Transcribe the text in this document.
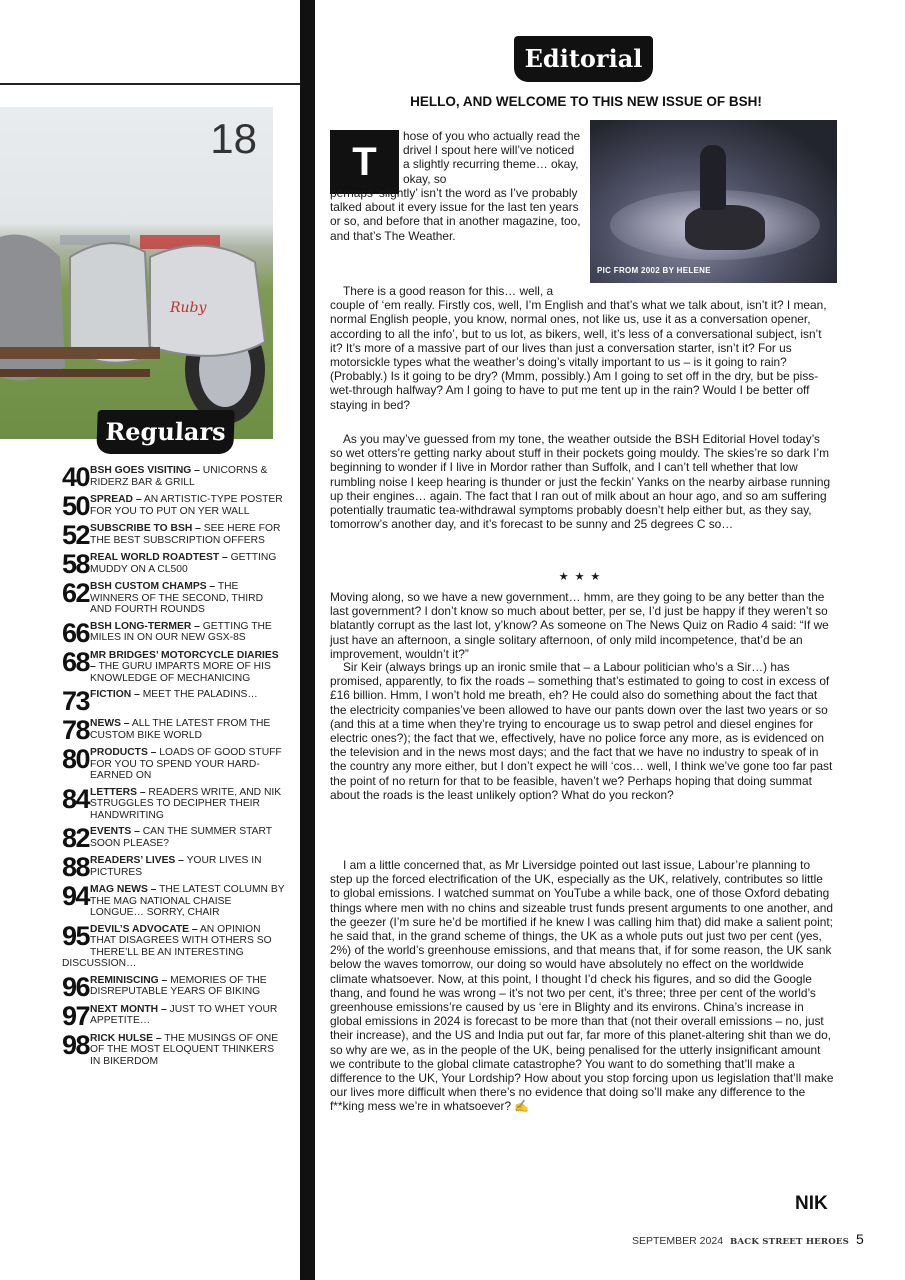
18
Ruby
Regulars
40 BSH GOES VISITING – UNICORNS & RIDERZ BAR & GRILL
50 SPREAD – AN ARTISTIC-TYPE POSTER FOR YOU TO PUT ON YER WALL
52 SUBSCRIBE TO BSH – SEE HERE FOR THE BEST SUBSCRIPTION OFFERS
58 REAL WORLD ROADTEST – GETTING MUDDY ON A CL500
62 BSH CUSTOM CHAMPS – THE WINNERS OF THE SECOND, THIRD AND FOURTH ROUNDS
66 BSH LONG-TERMER – GETTING THE MILES IN ON OUR NEW GSX-8S
68 MR BRIDGES’ MOTORCYCLE DIARIES – THE GURU IMPARTS MORE OF HIS KNOWLEDGE OF MECHANICING
73 FICTION – MEET THE PALADINS…
78 NEWS – ALL THE LATEST FROM THE CUSTOM BIKE WORLD
80 PRODUCTS – LOADS OF GOOD STUFF FOR YOU TO SPEND YOUR HARD-EARNED ON
84 LETTERS – READERS WRITE, AND NIK STRUGGLES TO DECIPHER THEIR HANDWRITING
82 EVENTS – CAN THE SUMMER START SOON PLEASE?
88 READERS’ LIVES – YOUR LIVES IN PICTURES
94 MAG NEWS – THE LATEST COLUMN BY THE MAG NATIONAL CHAISE LONGUE… SORRY, CHAIR
95 DEVIL’S ADVOCATE – AN OPINION THAT DISAGREES WITH OTHERS SO THERE’LL BE AN INTERESTING DISCUSSION…
96 REMINISCING – MEMORIES OF THE DISREPUTABLE YEARS OF BIKING
97 NEXT MONTH – JUST TO WHET YOUR APPETITE…
98 RICK HULSE – THE MUSINGS OF ONE OF THE MOST ELOQUENT THINKERS IN BIKERDOM
Editorial
HELLO, AND WELCOME TO THIS NEW ISSUE OF BSH!
T
PIC FROM 2002 BY HELENE
hose of you who actually read the drivel I spout here will’ve noticed a slightly recurring theme… okay, okay, so
perhaps ‘slightly’ isn’t the word as I’ve probably talked about it every issue for the last ten years or so, and before that in another magazine, too, and that’s The Weather.

There is a good reason for this… well, a

couple of ‘em really. Firstly cos, well, I’m English and that’s what we talk about, isn’t it? I mean, normal English people, you know, normal ones, not like us, use it as a conversation opener, according to all the info’, but to us lot, as bikers, well, it’s less of a conversational subject, isn’t it? It’s more of a massive part of our lives than just a conversation starter, isn’t it? For us motorsickle types what the weather’s doing’s vitally important to us – is it going to rain? (Probably.) Is it going to be dry? (Mmm, possibly.) Am I going to set off in the dry, but be piss-wet-through halfway? Am I going to have to put me tent up in the rain? Would I be better off staying in bed?

As you may’ve guessed from my tone, the weather outside the BSH Editorial Hovel today’s so wet otters’re getting narky about stuff in their pockets going mouldy. The skies’re so dark I’m beginning to wonder if I live in Mordor rather than Suffolk, and I can’t tell whether that low rumbling noise I keep hearing is thunder or just the feckin’ Yanks on the nearby airbase running up their engines… again. The fact that I ran out of milk about an hour ago, and so am suffering potentially traumatic tea-withdrawal symptoms probably doesn’t help either but, as they say, tomorrow’s another day, and it’s forecast to be sunny and 25 degrees C so…

★★★

Moving along, so we have a new government… hmm, are they going to be any better than the last government? I don’t know so much about better, per se, I’d just be happy if they weren’t so blatantly corrupt as the last lot, y’know? As someone on The News Quiz on Radio 4 said: “If we just have an afternoon, a single solitary afternoon, of only mild incompetence, that’d be an improvement, wouldn’t it?”

Sir Keir (always brings up an ironic smile that – a Labour politician who’s a Sir…) has promised, apparently, to fix the roads – something that’s estimated to going to cost in excess of £16 billion. Hmm, I won’t hold me breath, eh? He could also do something about the fact that the electricity companies’ve been allowed to have our pants down over the last two years or so (and this at a time when they’re trying to encourage us to swap petrol and diesel engines for electric ones?); the fact that we, effectively, have no police force any more, as is evidenced on the television and in the news most days; and the fact that we have no industry to speak of in the country any more either, but I don’t expect he will ‘cos… well, I think we’ve gone too far past the point of no return for that to be feasible, haven’t we? Perhaps hoping that doing summat about the roads is the least unlikely option? What do you reckon?

I am a little concerned that, as Mr Liversidge pointed out last issue, Labour’re planning to step up the forced electrification of the UK, especially as the UK, relatively, contributes so little to global emissions. I watched summat on YouTube a while back, one of those Oxford debating things where men with no chins and sizeable trust funds present arguments to one another, and the geezer (I’m sure he’d be mortified if he knew I was calling him that) did make a salient point; he said that, in the grand scheme of things, the UK as a whole puts out just two per cent (yes, 2%) of the world’s greenhouse emissions, and that means that, if for some reason, the UK sank below the waves tomorrow, our doing so would have absolutely no effect on the worldwide climate whatsoever. Now, at this point, I thought I’d check his figures, and so did the Google thang, and found he was wrong – it’s not two per cent, it’s three; three per cent of the world’s greenhouse emissions’re caused by us ‘ere in Blighty and its environs. China’s increase in global emissions in 2024 is forecast to be more than that (not their overall emissions – no, just their increase), and the US and India put out far, far more of this planet-altering shit than we do, so why are we, as in the people of the UK, being penalised for the utterly insignificant amount we contribute to the global climate catastrophe? You want to do something that’ll make a difference to the UK, Your Lordship? How about you stop forcing upon us legislation that’ll make our lives more difficult when there’s no evidence that doing so’ll make any difference to the f**king mess we’re in whatsoever? ✍

NIK
SEPTEMBER 2024 BACK STREET HEROES 5
